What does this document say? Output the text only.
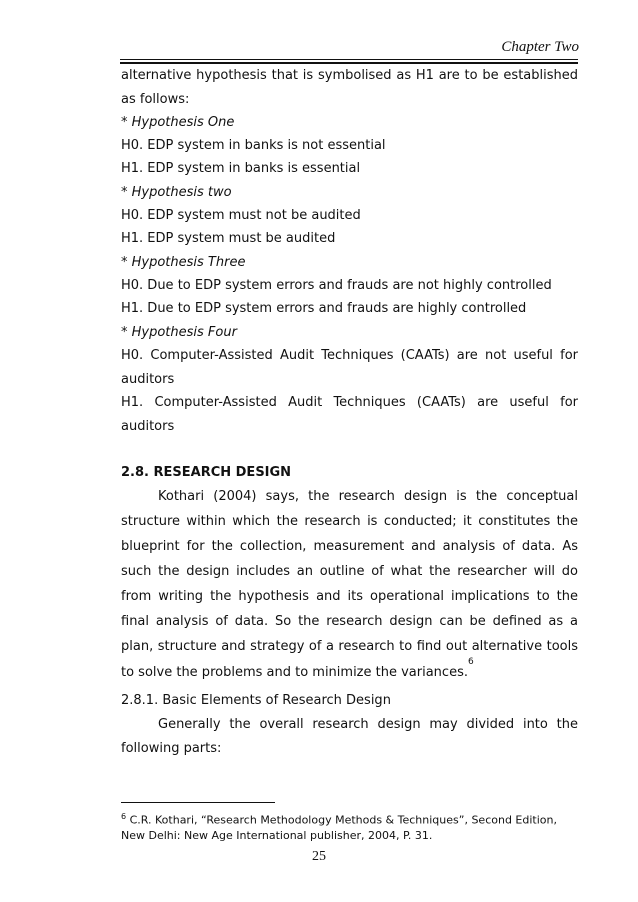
Chapter Two
alternative hypothesis that is symbolised as H1 are to be established
as follows:
* Hypothesis One
H0. EDP system in banks is not essential
H1. EDP system in banks is essential
* Hypothesis two
H0. EDP system must not be audited
H1. EDP system must be audited
* Hypothesis Three
H0. Due to EDP system errors and frauds are not highly controlled
H1. Due to EDP system errors and frauds are highly controlled
* Hypothesis Four
H0. Computer-Assisted Audit Techniques (CAATs) are not useful for
auditors
H1. Computer-Assisted Audit Techniques (CAATs) are useful for
auditors
2.8. RESEARCH DESIGN
Kothari (2004) says, the research design is the conceptual
structure within which the research is conducted; it constitutes the
blueprint for the collection, measurement and analysis of data. As
such the design includes an outline of what the researcher will do
from writing the hypothesis and its operational implications to the
final analysis of data. So the research design can be defined as a
plan, structure and strategy of a research to find out alternative tools
to solve the problems and to minimize the variances.$^6$
2.8.1. Basic Elements of Research Design
Generally the overall research design may divided into the
following parts:
$^6$ C.R. Kothari, “Research Methodology Methods & Techniques”, Second Edition,
New Delhi: New Age International publisher, 2004, P. 31.
25
